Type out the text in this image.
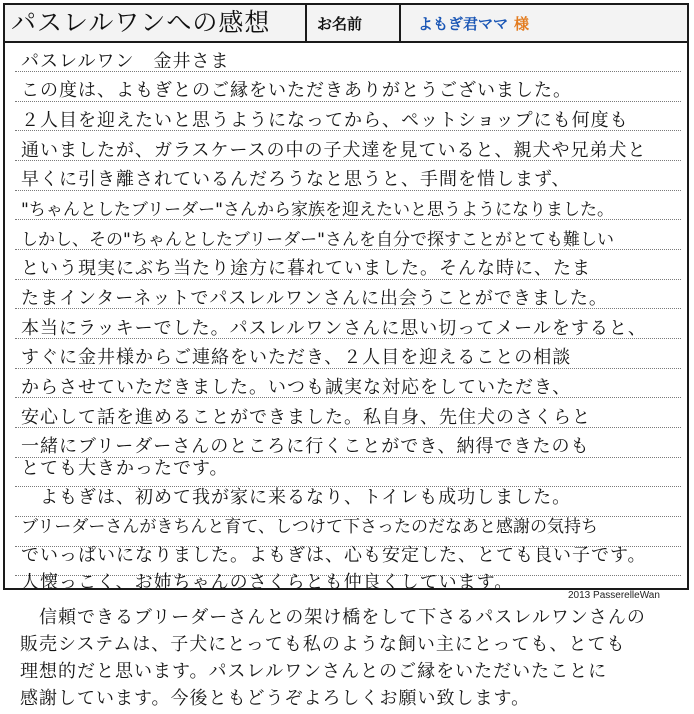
パスレルワンへの感想	お名前	よもぎ君ママ 様
パスレルワン　金井さま
この度は、よもぎとのご縁をいただきありがとうございました。
２人目を迎えたいと思うようになってから、ペットショップにも何度も
通いましたが、ガラスケースの中の子犬達を見ていると、親犬や兄弟犬と
早くに引き離されているんだろうなと思うと、手間を惜しまず、
"ちゃんとしたブリーダー"さんから家族を迎えたいと思うようになりました。
しかし、その"ちゃんとしたブリーダー"さんを自分で探すことがとても難しい
という現実にぶち当たり途方に暮れていました。そんな時に、たま
たまインターネットでパスレルワンさんに出会うことができました。
本当にラッキーでした。パスレルワンさんに思い切ってメールをすると、
すぐに金井様からご連絡をいただき、２人目を迎えることの相談
からさせていただきました。いつも誠実な対応をしていただき、
安心して話を進めることができました。私自身、先住犬のさくらと
一緒にブリーダーさんのところに行くことができ、納得できたのも
とても大きかったです。
　よもぎは、初めて我が家に来るなり、トイレも成功しました。
ブリーダーさんがきちんと育て、しつけて下さったのだなあと感謝の気持ち
でいっぱいになりました。よもぎは、心も安定した、とても良い子です。
人懐っこく、お姉ちゃんのさくらとも仲良くしています。
2013 PasserelleWan
　信頼できるブリーダーさんとの架け橋をして下さるパスレルワンさんの
販売システムは、子犬にとっても私のような飼い主にとっても、とても
理想的だと思います。パスレルワンさんとのご縁をいただいたことに
感謝しています。今後ともどうぞよろしくお願い致します。
